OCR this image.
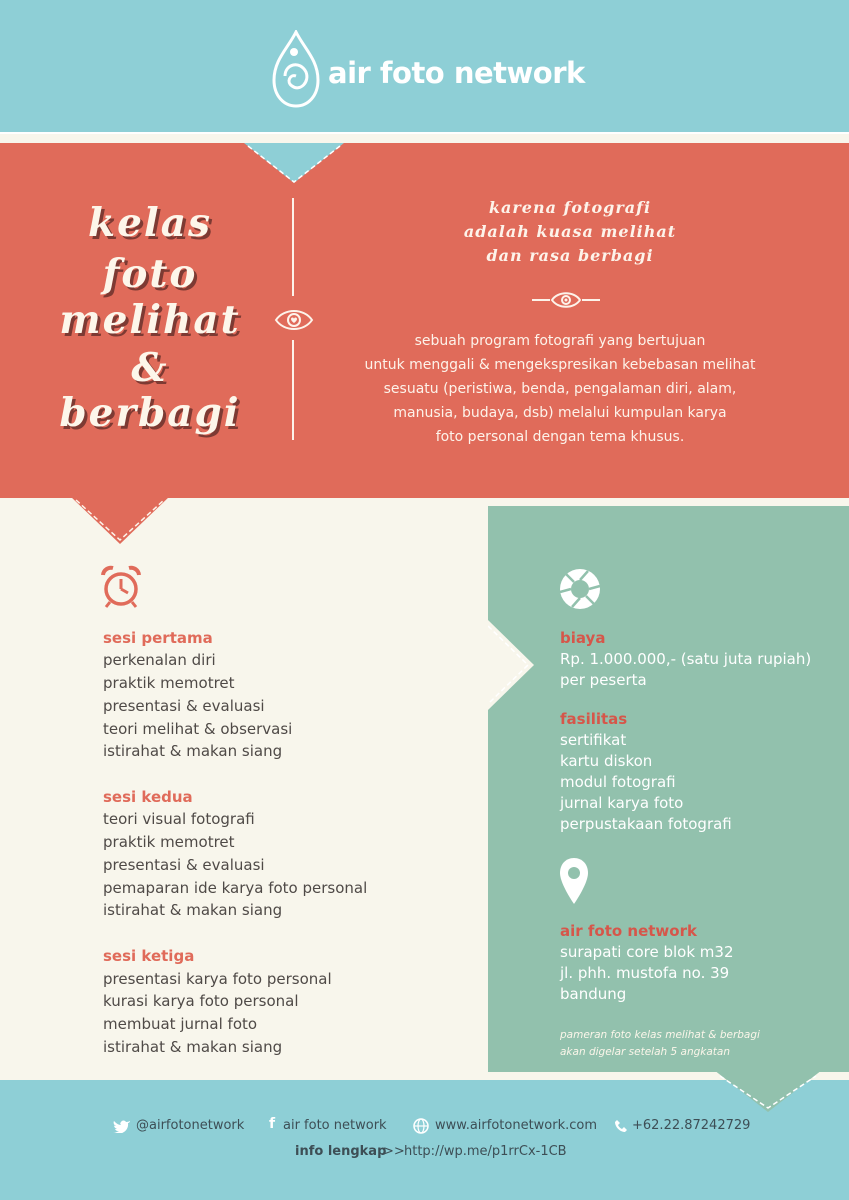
air foto network
kelas
foto
melihat
&
berbagi
karena fotografi
adalah kuasa melihat
dan rasa berbagi
sebuah program fotografi yang bertujuan
untuk menggali & mengekspresikan kebebasan melihat
sesuatu (peristiwa, benda, pengalaman diri, alam,
manusia, budaya, dsb) melalui kumpulan karya
foto personal dengan tema khusus.
sesi pertama
perkenalan diri
praktik memotret
presentasi & evaluasi
teori melihat & observasi
istirahat & makan siang
sesi kedua
teori visual fotografi
praktik memotret
presentasi & evaluasi
pemaparan ide karya foto personal
istirahat & makan siang
sesi ketiga
presentasi karya foto personal
kurasi karya foto personal
membuat jurnal foto
istirahat & makan siang
biaya
Rp. 1.000.000,- (satu juta rupiah)
per peserta
fasilitas
sertifikat
kartu diskon
modul fotografi
jurnal karya foto
perpustakaan fotografi
air foto network
surapati core blok m32
jl. phh. mustofa no. 39
bandung
pameran foto kelas melihat & berbagi
akan digelar setelah 5 angkatan
@airfotonetwork f air foto network	www.airfotonetwork.com	+62.22.87242729
info lengkap
>> http://wp.me/p1rrCx-1CB
